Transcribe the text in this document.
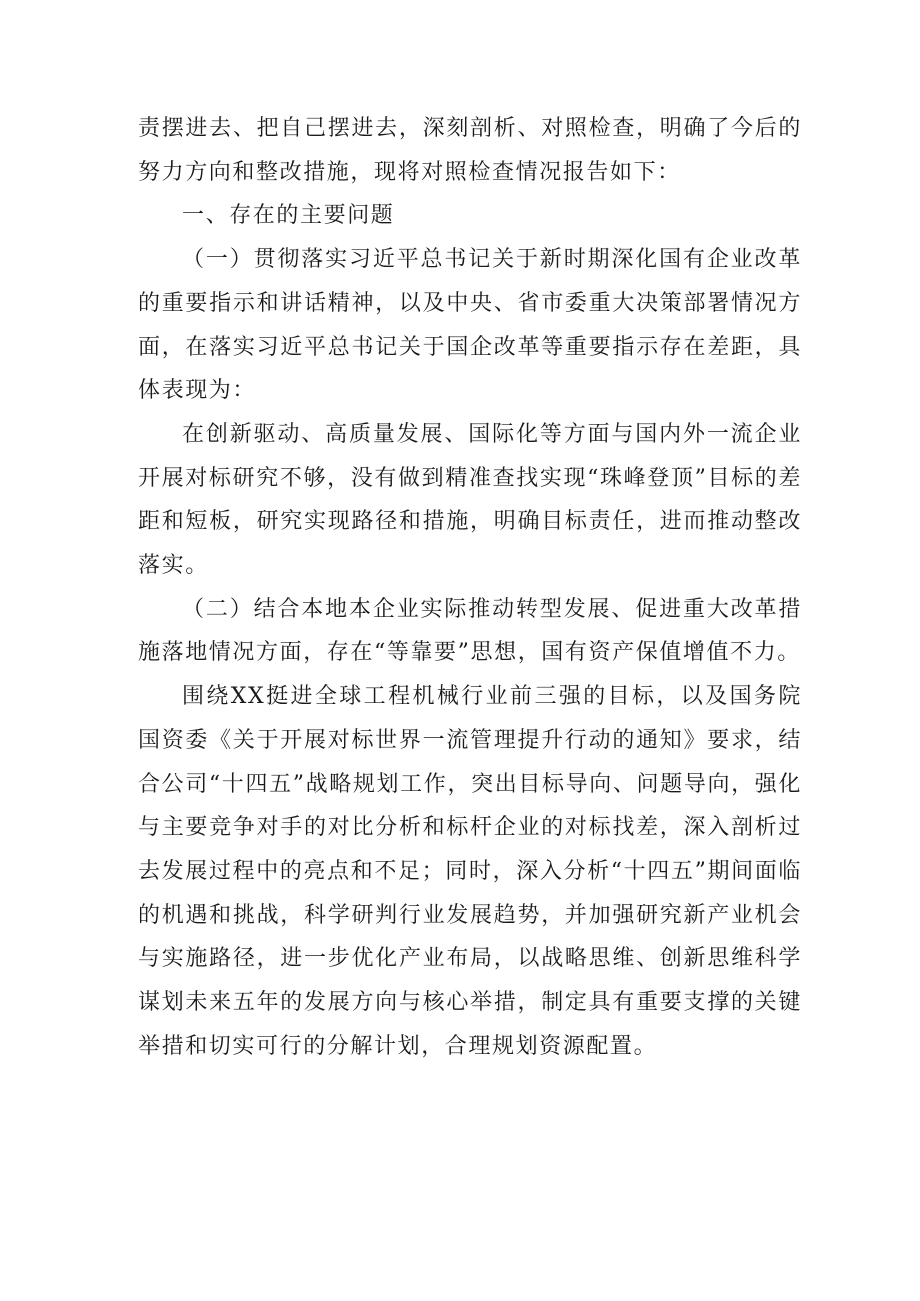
责摆进去、把自己摆进去，深刻剖析、对照检查，明确了今后的努力方向和整改措施，现将对照检查情况报告如下：

一、存在的主要问题

（一）贯彻落实习近平总书记关于新时期深化国有企业改革的重要指示和讲话精神，以及中央、省市委重大决策部署情况方面，在落实习近平总书记关于国企改革等重要指示存在差距，具体表现为：

在创新驱动、高质量发展、国际化等方面与国内外一流企业开展对标研究不够，没有做到精准查找实现“珠峰登顶”目标的差距和短板，研究实现路径和措施，明确目标责任，进而推动整改落实。

（二）结合本地本企业实际推动转型发展、促进重大改革措施落地情况方面，存在“等靠要”思想，国有资产保值增值不力。

围绕XX挺进全球工程机械行业前三强的目标，以及国务院国资委《关于开展对标世界一流管理提升行动的通知》要求，结合公司“十四五”战略规划工作，突出目标导向、问题导向，强化与主要竞争对手的对比分析和标杆企业的对标找差，深入剖析过去发展过程中的亮点和不足；同时，深入分析“十四五”期间面临的机遇和挑战，科学研判行业发展趋势，并加强研究新产业机会与实施路径，进一步优化产业布局，以战略思维、创新思维科学谋划未来五年的发展方向与核心举措，制定具有重要支撑的关键举措和切实可行的分解计划，合理规划资源配置。
